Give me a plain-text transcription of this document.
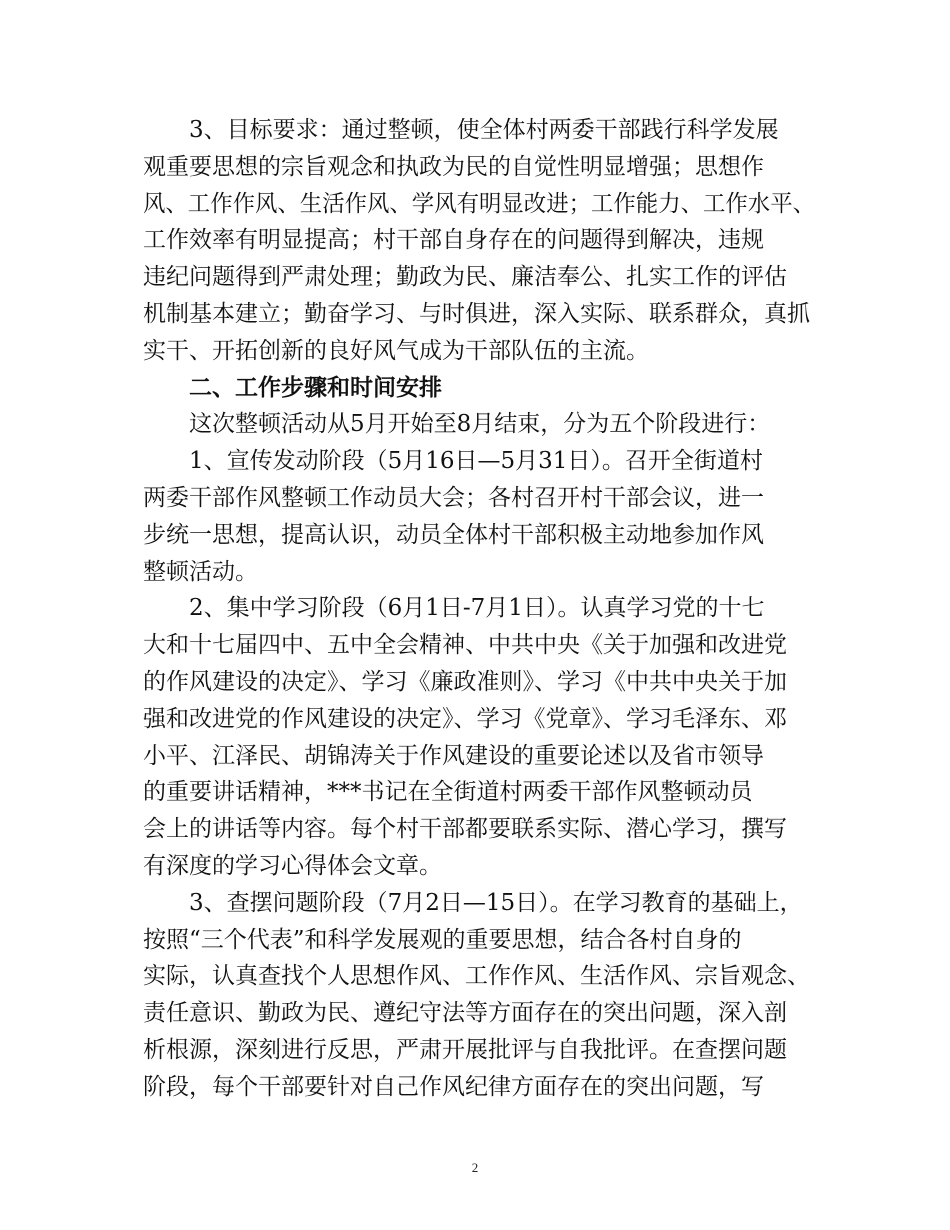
3、目标要求：通过整顿，使全体村两委干部践行科学发展
观重要思想的宗旨观念和执政为民的自觉性明显增强；思想作
风、工作作风、生活作风、学风有明显改进；工作能力、工作水平、
工作效率有明显提高；村干部自身存在的问题得到解决，违规
违纪问题得到严肃处理；勤政为民、廉洁奉公、扎实工作的评估
机制基本建立；勤奋学习、与时俱进，深入实际、联系群众，真抓
实干、开拓创新的良好风气成为干部队伍的主流。
二、工作步骤和时间安排
这次整顿活动从5月开始至8月结束，分为五个阶段进行：
1、宣传发动阶段（5月16日—5月31日）。召开全街道村
两委干部作风整顿工作动员大会；各村召开村干部会议，进一
步统一思想，提高认识，动员全体村干部积极主动地参加作风
整顿活动。
2、集中学习阶段（6月1日-7月1日）。认真学习党的十七
大和十七届四中、五中全会精神、中共中央《关于加强和改进党
的作风建设的决定》、学习《廉政准则》、学习《中共中央关于加
强和改进党的作风建设的决定》、学习《党章》、学习毛泽东、邓
小平、江泽民、胡锦涛关于作风建设的重要论述以及省市领导
的重要讲话精神，***书记在全街道村两委干部作风整顿动员
会上的讲话等内容。每个村干部都要联系实际、潜心学习，撰写
有深度的学习心得体会文章。
3、查摆问题阶段（7月2日—15日）。在学习教育的基础上，
按照“三个代表”和科学发展观的重要思想，结合各村自身的
实际，认真查找个人思想作风、工作作风、生活作风、宗旨观念、
责任意识、勤政为民、遵纪守法等方面存在的突出问题，深入剖
析根源，深刻进行反思，严肃开展批评与自我批评。在查摆问题
阶段，每个干部要针对自己作风纪律方面存在的突出问题，写
2
